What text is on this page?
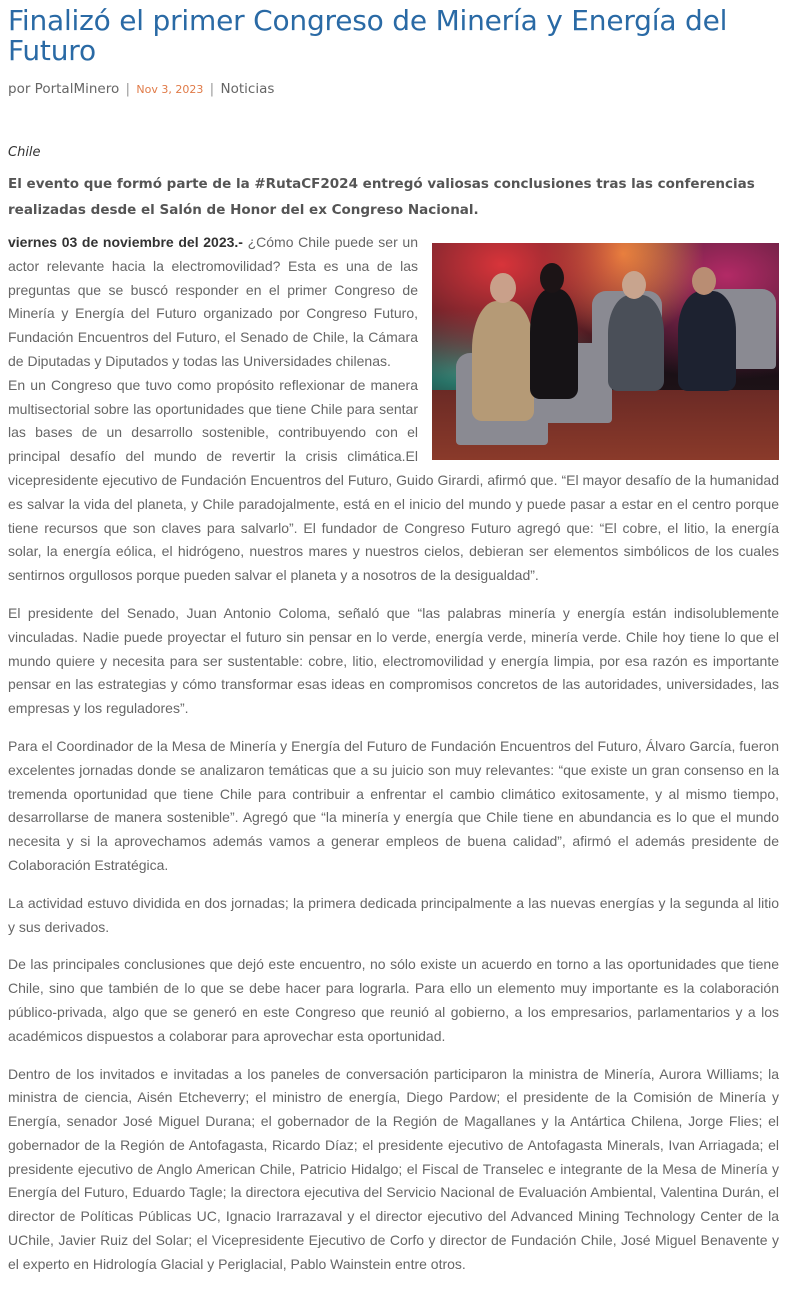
Finalizó el primer Congreso de Minería y Energía del Futuro
por PortalMinero | Nov 3, 2023 | Noticias
Chile
El evento que formó parte de la #RutaCF2024 entregó valiosas conclusiones tras las conferencias realizadas desde el Salón de Honor del ex Congreso Nacional.

viernes 03 de noviembre del 2023.- ¿Cómo Chile puede ser un actor relevante hacia la electromovilidad? Esta es una de las preguntas que se buscó responder en el primer Congreso de Minería y Energía del Futuro organizado por Congreso Futuro, Fundación Encuentros del Futuro, el Senado de Chile, la Cámara de Diputadas y Diputados y todas las Universidades chilenas.
En un Congreso que tuvo como propósito reflexionar de manera multisectorial sobre las oportunidades que tiene Chile para sentar las bases de un desarrollo sostenible, contribuyendo con el principal desafío del mundo de revertir la crisis climática.El vicepresidente ejecutivo de Fundación Encuentros del Futuro, Guido Girardi, afirmó que. “El mayor desafío de la humanidad es salvar la vida del planeta, y Chile paradojalmente, está en el inicio del mundo y puede pasar a estar en el centro porque tiene recursos que son claves para salvarlo”. El fundador de Congreso Futuro agregó que: “El cobre, el litio, la energía solar, la energía eólica, el hidrógeno, nuestros mares y nuestros cielos, debieran ser elementos simbólicos de los cuales sentirnos orgullosos porque pueden salvar el planeta y a nosotros de la desigualdad”.

El presidente del Senado, Juan Antonio Coloma, señaló que “las palabras minería y energía están indisolublemente vinculadas. Nadie puede proyectar el futuro sin pensar en lo verde, energía verde, minería verde. Chile hoy tiene lo que el mundo quiere y necesita para ser sustentable: cobre, litio, electromovilidad y energía limpia, por esa razón es importante pensar en las estrategias y cómo transformar esas ideas en compromisos concretos de las autoridades, universidades, las empresas y los reguladores”.

Para el Coordinador de la Mesa de Minería y Energía del Futuro de Fundación Encuentros del Futuro, Álvaro García, fueron excelentes jornadas donde se analizaron temáticas que a su juicio son muy relevantes: “que existe un gran consenso en la tremenda oportunidad que tiene Chile para contribuir a enfrentar el cambio climático exitosamente, y al mismo tiempo, desarrollarse de manera sostenible”. Agregó que “la minería y energía que Chile tiene en abundancia es lo que el mundo necesita y si la aprovechamos además vamos a generar empleos de buena calidad”, afirmó el además presidente de Colaboración Estratégica.

La actividad estuvo dividida en dos jornadas; la primera dedicada principalmente a las nuevas energías y la segunda al litio y sus derivados.

De las principales conclusiones que dejó este encuentro, no sólo existe un acuerdo en torno a las oportunidades que tiene Chile, sino que también de lo que se debe hacer para lograrla. Para ello un elemento muy importante es la colaboración público-privada, algo que se generó en este Congreso que reunió al gobierno, a los empresarios, parlamentarios y a los académicos dispuestos a colaborar para aprovechar esta oportunidad.

Dentro de los invitados e invitadas a los paneles de conversación participaron la ministra de Minería, Aurora Williams; la ministra de ciencia, Aisén Etcheverry; el ministro de energía, Diego Pardow; el presidente de la Comisión de Minería y Energía, senador José Miguel Durana; el gobernador de la Región de Magallanes y la Antártica Chilena, Jorge Flies; el gobernador de la Región de Antofagasta, Ricardo Díaz; el presidente ejecutivo de Antofagasta Minerals, Ivan Arriagada; el presidente ejecutivo de Anglo American Chile, Patricio Hidalgo; el Fiscal de Transelec e integrante de la Mesa de Minería y Energía del Futuro, Eduardo Tagle; la directora ejecutiva del Servicio Nacional de Evaluación Ambiental, Valentina Durán, el director de Políticas Públicas UC, Ignacio Irarrazaval y el director ejecutivo del Advanced Mining Technology Center de la UChile, Javier Ruiz del Solar; el Vicepresidente Ejecutivo de Corfo y director de Fundación Chile, José Miguel Benavente y el experto en Hidrología Glacial y Periglacial, Pablo Wainstein entre otros.
